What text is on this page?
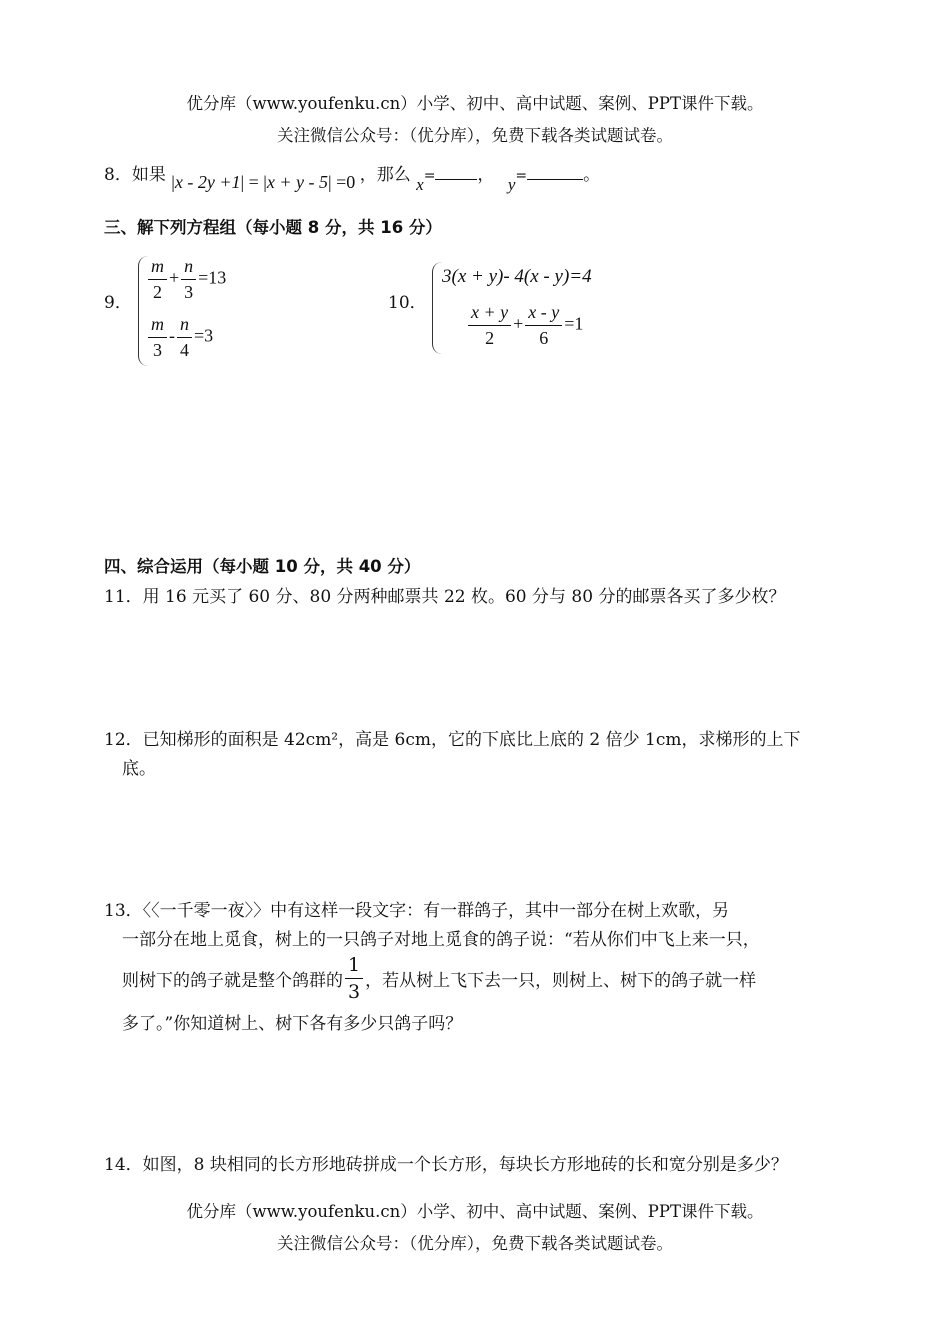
优分库（www.youfenku.cn）小学、初中、高中试题、案例、PPT课件下载。
关注微信公众号：（优分库），免费下载各类试题试卷。
8．如果 |x - 2y +1| = |x + y - 5| =0 ，那么 x= ， y=	。
三、解下列方程组（每小题 8 分，共 16 分）
9． $\frac{m}{2} + \frac{n}{3} =13$
$\frac{m}{3} - \frac{n}{4} =3$
10．
3(x + y)- 4(x - y)=4
$\frac{x + y}{2} + \frac{x - y}{6} =1$
四、综合运用（每小题 10 分，共 40 分）
11．用 16 元买了 60 分、80 分两种邮票共 22 枚。60 分与 80 分的邮票各买了多少枚？
12．已知梯形的面积是 42cm²，高是 6cm，它的下底比上底的 2 倍少 1cm，求梯形的上下
底。
13．〈〈一千零一夜〉〉中有这样一段文字：有一群鸽子，其中一部分在树上欢歌，另
一部分在地上觅食，树上的一只鸽子对地上觅食的鸽子说：“若从你们中飞上来一只，
则树下的鸽子就是整个鸽群的 $\frac{1}{3}$ ，若从树上飞下去一只，则树上、树下的鸽子就一样
多了。”你知道树上、树下各有多少只鸽子吗？
14．如图，8 块相同的长方形地砖拼成一个长方形，每块长方形地砖的长和宽分别是多少？
优分库（www.youfenku.cn）小学、初中、高中试题、案例、PPT课件下载。
关注微信公众号：（优分库），免费下载各类试题试卷。
